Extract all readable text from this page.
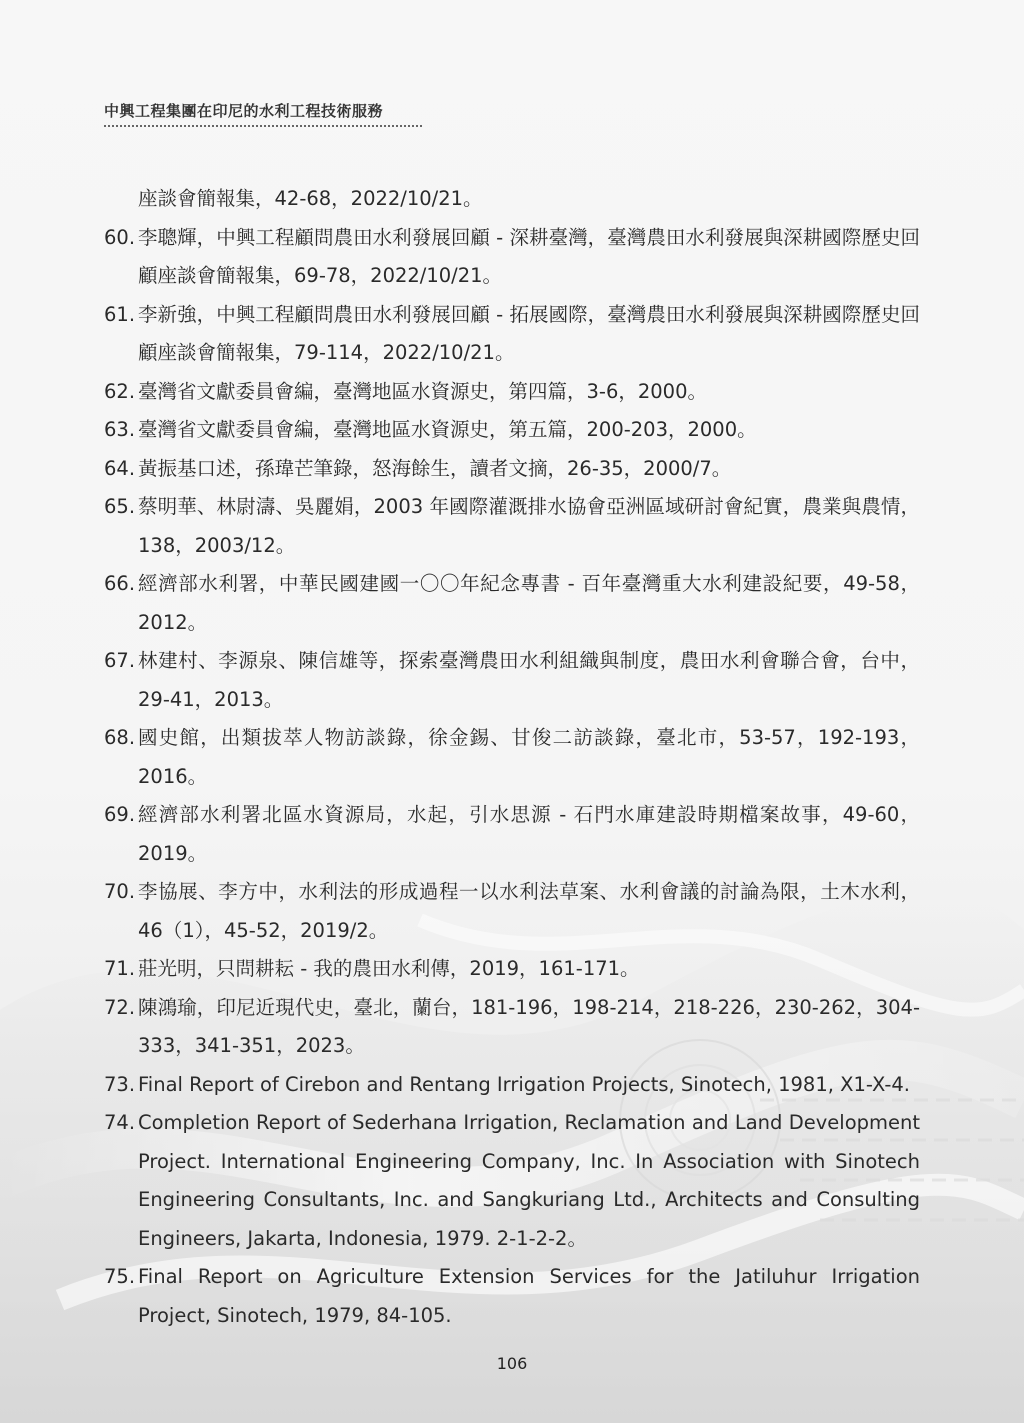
中興工程集團在印尼的水利工程技術服務
座談會簡報集，42-68，2022/10/21。
60. 李聰輝，中興工程顧問農田水利發展回顧 - 深耕臺灣，臺灣農田水利發展與深耕國際歷史回顧座談會簡報集，69-78，2022/10/21。
61. 李新強，中興工程顧問農田水利發展回顧 - 拓展國際，臺灣農田水利發展與深耕國際歷史回顧座談會簡報集，79-114，2022/10/21。
62. 臺灣省文獻委員會編，臺灣地區水資源史，第四篇，3-6，2000。
63. 臺灣省文獻委員會編，臺灣地區水資源史，第五篇，200-203，2000。
64. 黃振基口述，孫瑋芒筆錄，怒海餘生，讀者文摘，26-35，2000/7。
65. 蔡明華、林尉濤、吳麗娟，2003 年國際灌溉排水協會亞洲區域研討會紀實，農業與農情，138，2003/12。
66. 經濟部水利署，中華民國建國一〇〇年紀念專書 - 百年臺灣重大水利建設紀要，49-58，2012。
67. 林建村、李源泉、陳信雄等，探索臺灣農田水利組織與制度，農田水利會聯合會，台中，29-41，2013。
68. 國史館，出類拔萃人物訪談錄，徐金錫、甘俊二訪談錄，臺北市，53-57，192-193，2016。
69. 經濟部水利署北區水資源局，水起，引水思源 - 石門水庫建設時期檔案故事，49-60，2019。
70. 李協展、李方中，水利法的形成過程一以水利法草案、水利會議的討論為限，土木水利，46（1），45-52，2019/2。
71. 莊光明，只問耕耘 - 我的農田水利傳，2019，161-171。
72. 陳鴻瑜，印尼近現代史，臺北，蘭台，181-196，198-214，218-226，230-262，304-333，341-351，2023。
73. Final Report of Cirebon and Rentang Irrigation Projects, Sinotech, 1981, X1-X-4.
74. Completion Report of Sederhana Irrigation, Reclamation and Land Development Project. International Engineering Company, Inc. In Association with Sinotech Engineering Consultants, Inc. and Sangkuriang Ltd., Architects and Consulting Engineers, Jakarta, Indonesia, 1979. 2-1-2-2。
75. Final Report on Agriculture Extension Services for the Jatiluhur Irrigation Project, Sinotech, 1979, 84-105.
106
